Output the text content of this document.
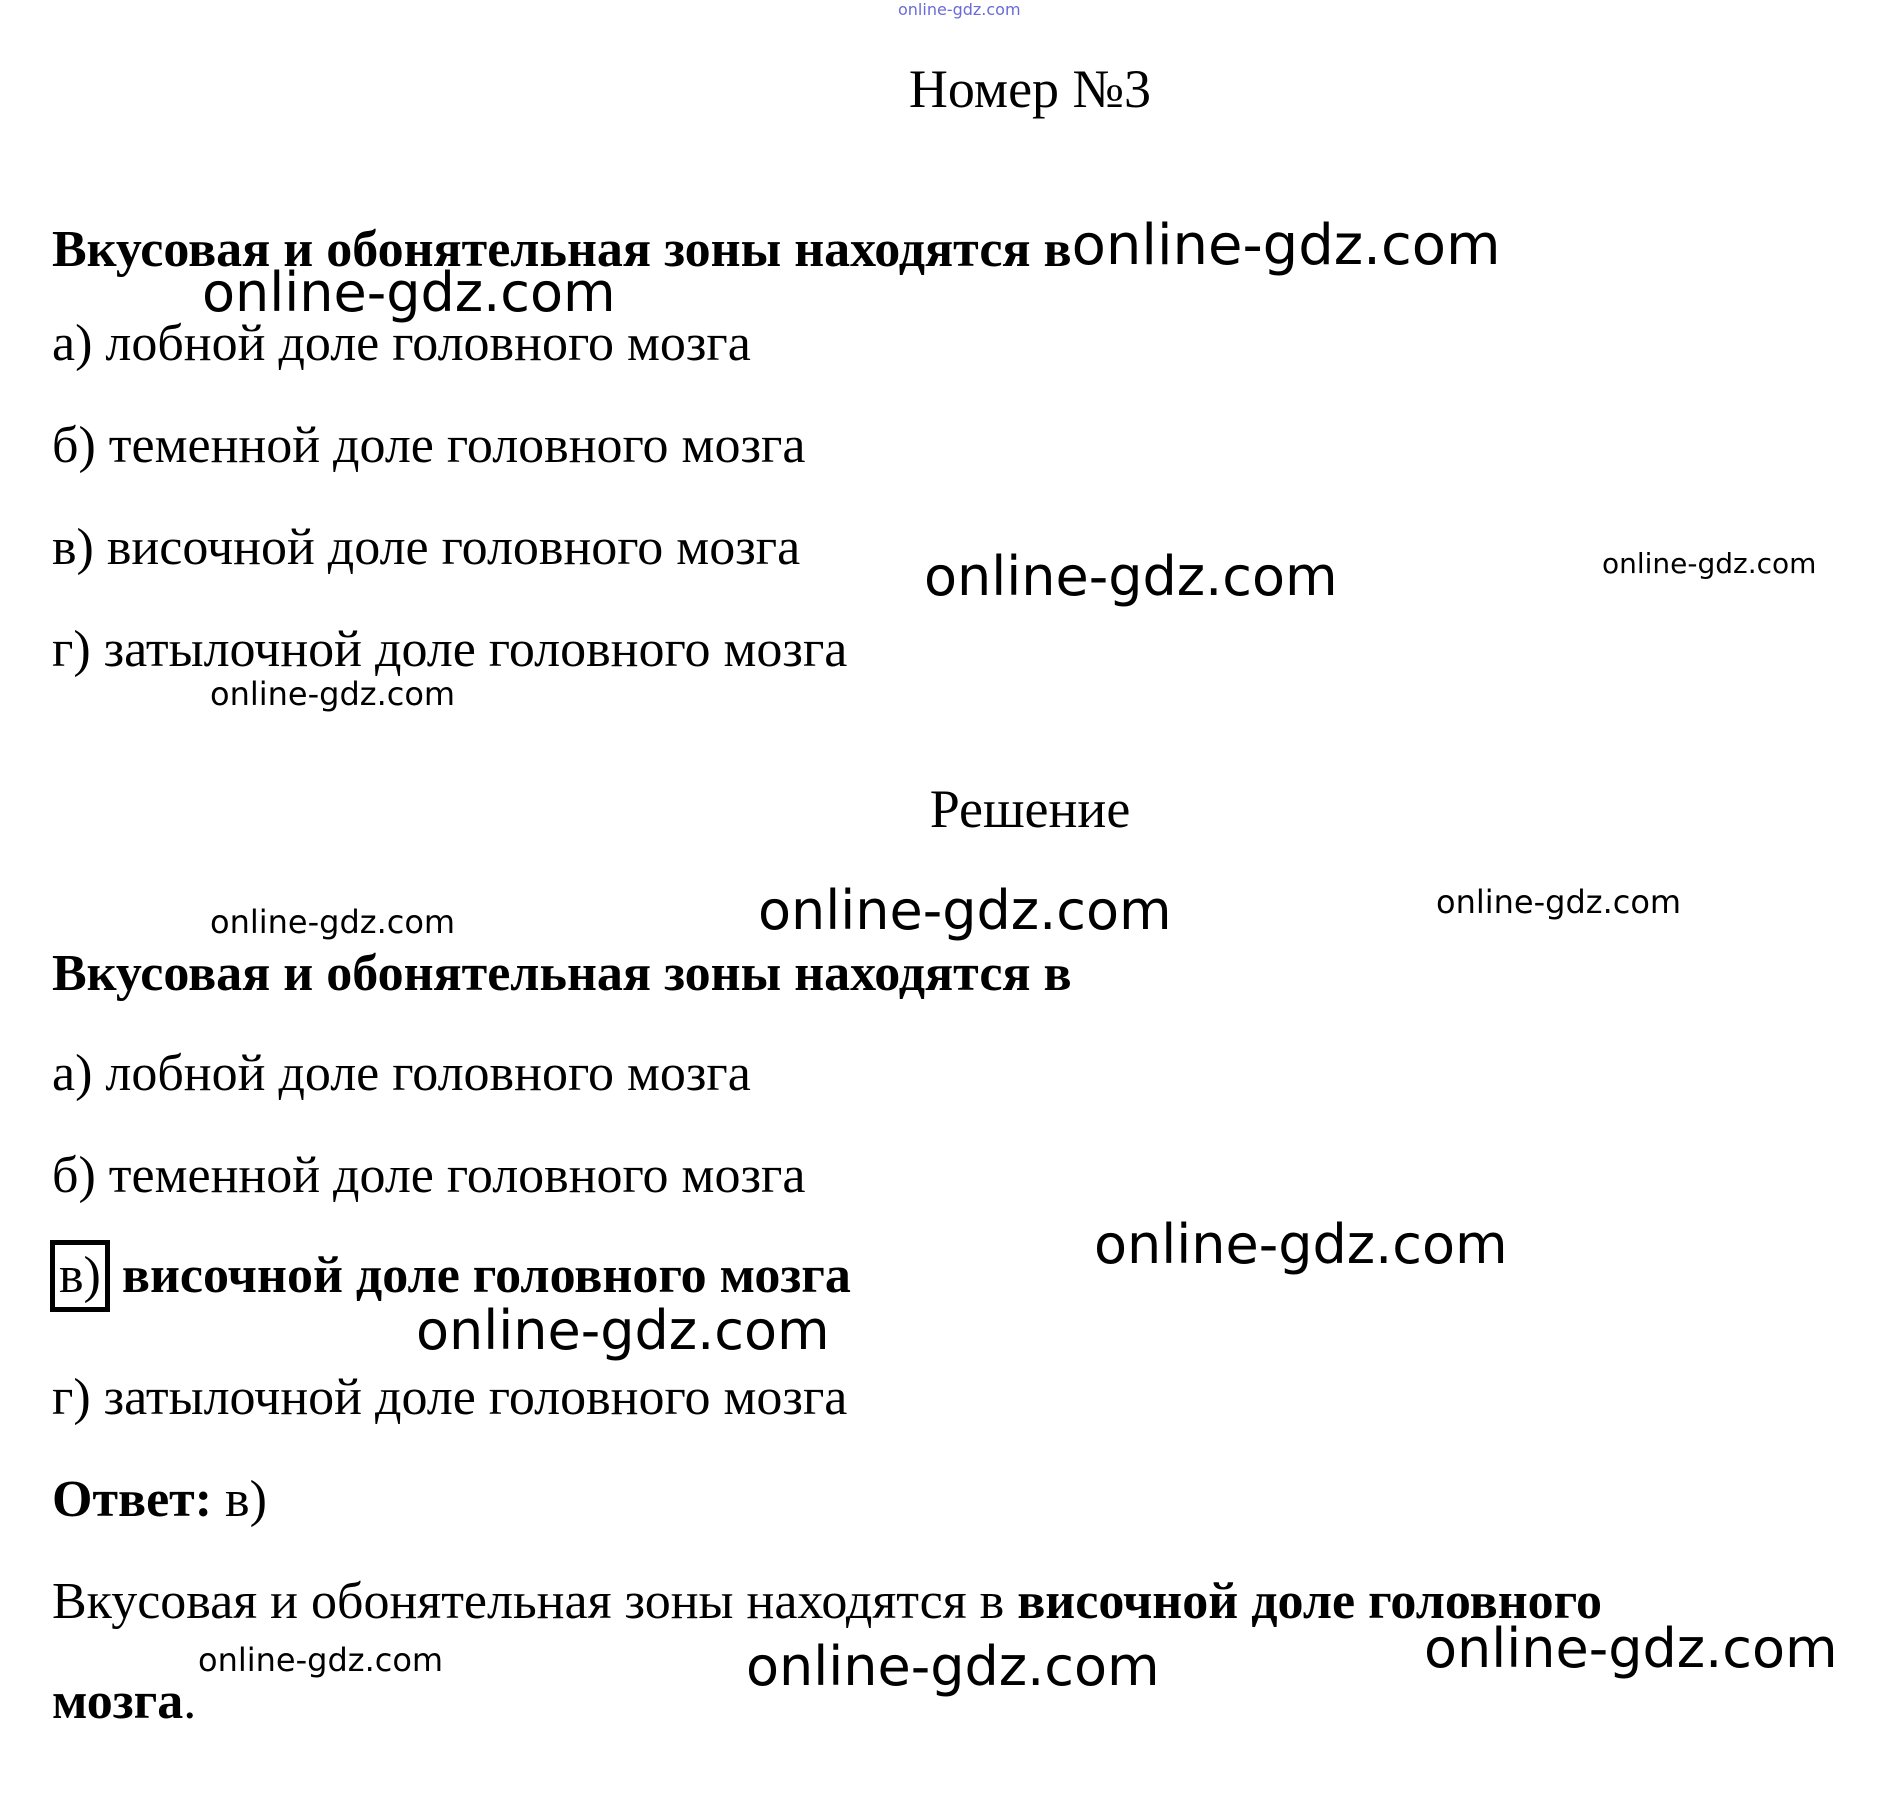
online-gdz.com
Номер №3
Вкусовая и обонятельная зоны находятся вonline-gdz.com
online-gdz.com
а) лобной доле головного мозга
б) теменной доле головного мозга
в) височной доле головного мозга online-gdz.com	online-gdz.com
г) затылочной доле головного мозга
online-gdz.com
Решение
online-gdz.com	online-gdz.com	online-gdz.com
Вкусовая и обонятельная зоны находятся в
а) лобной доле головного мозга
б) теменной доле головного мозга
online-gdz.com
в) височной доле головного мозга
online-gdz.com
г) затылочной доле головного мозга
Ответ: в)
Вкусовая и обонятельная зоны находятся в височной доле головного
online-gdz.com	online-gdz.com	online-gdz.com
мозга.
